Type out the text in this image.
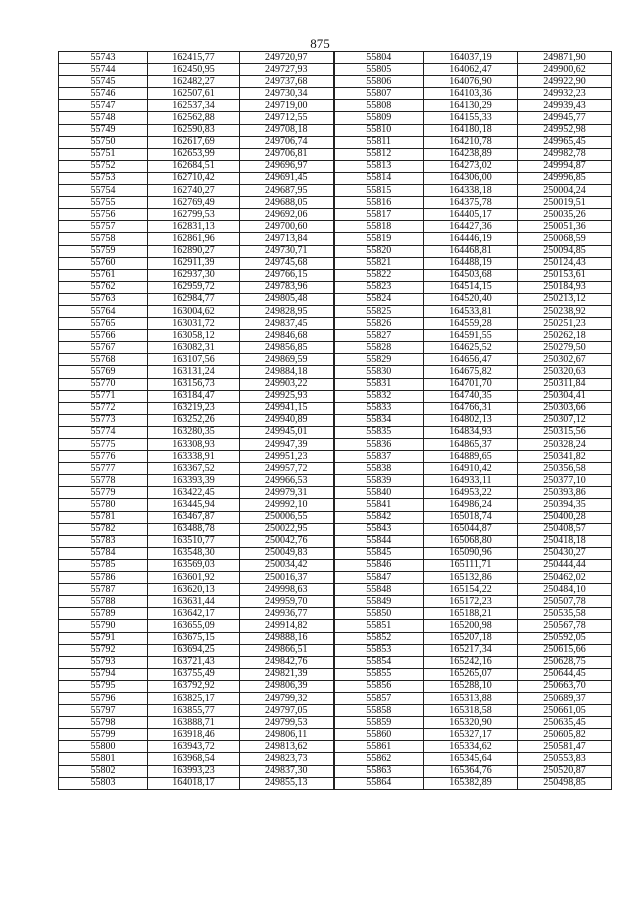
875
55743	162415,77	249720,97	55804	164037,19	249871,90
55744	162450,95	249727,93	55805	164062,47	249900,62
55745	162482,27	249737,68	55806	164076,90	249922,90
55746	162507,61	249730,34	55807	164103,36	249932,23
55747	162537,34	249719,00	55808	164130,29	249939,43
55748	162562,88	249712,55	55809	164155,33	249945,77
55749	162590,83	249708,18	55810	164180,18	249952,98
55750	162617,69	249706,74	55811	164210,78	249965,45
55751	162653,99	249706,81	55812	164238,89	249982,78
55752	162684,51	249696,97	55813	164273,02	249994,87
55753	162710,42	249691,45	55814	164306,00	249996,85
55754	162740,27	249687,95	55815	164338,18	250004,24
55755	162769,49	249688,05	55816	164375,78	250019,51
55756	162799,53	249692,06	55817	164405,17	250035,26
55757	162831,13	249700,60	55818	164427,36	250051,36
55758	162861,96	249713,84	55819	164446,19	250068,59
55759	162890,27	249730,71	55820	164468,81	250094,85
55760	162911,39	249745,68	55821	164488,19	250124,43
55761	162937,30	249766,15	55822	164503,68	250153,61
55762	162959,72	249783,96	55823	164514,15	250184,93
55763	162984,77	249805,48	55824	164520,40	250213,12
55764	163004,62	249828,95	55825	164533,81	250238,92
55765	163031,72	249837,45	55826	164559,28	250251,23
55766	163058,12	249846,68	55827	164591,55	250262,18
55767	163082,31	249856,85	55828	164625,52	250279,50
55768	163107,56	249869,59	55829	164656,47	250302,67
55769	163131,24	249884,18	55830	164675,82	250320,63
55770	163156,73	249903,22	55831	164701,70	250311,84
55771	163184,47	249925,93	55832	164740,35	250304,41
55772	163219,23	249941,15	55833	164766,31	250303,66
55773	163252,26	249940,89	55834	164802,13	250307,12
55774	163280,35	249945,01	55835	164834,93	250315,56
55775	163308,93	249947,39	55836	164865,37	250328,24
55776	163338,91	249951,23	55837	164889,65	250341,82
55777	163367,52	249957,72	55838	164910,42	250356,58
55778	163393,39	249966,53	55839	164933,11	250377,10
55779	163422,45	249979,31	55840	164953,22	250393,86
55780	163445,94	249992,10	55841	164986,24	250394,35
55781	163467,87	250006,55	55842	165018,74	250400,28
55782	163488,78	250022,95	55843	165044,87	250408,57
55783	163510,77	250042,76	55844	165068,80	250418,18
55784	163548,30	250049,83	55845	165090,96	250430,27
55785	163569,03	250034,42	55846	165111,71	250444,44
55786	163601,92	250016,37	55847	165132,86	250462,02
55787	163620,13	249998,63	55848	165154,22	250484,10
55788	163631,44	249959,70	55849	165172,23	250507,78
55789	163642,17	249936,77	55850	165188,21	250535,58
55790	163655,09	249914,82	55851	165200,98	250567,78
55791	163675,15	249888,16	55852	165207,18	250592,05
55792	163694,25	249866,51	55853	165217,34	250615,66
55793	163721,43	249842,76	55854	165242,16	250628,75
55794	163755,49	249821,39	55855	165265,07	250644,45
55795	163792,92	249806,39	55856	165288,10	250663,70
55796	163825,17	249799,32	55857	165313,88	250689,37
55797	163855,77	249797,05	55858	165318,58	250661,05
55798	163888,71	249799,53	55859	165320,90	250635,45
55799	163918,46	249806,11	55860	165327,17	250605,82
55800	163943,72	249813,62	55861	165334,62	250581,47
55801	163968,54	249823,73	55862	165345,64	250553,83
55802	163993,23	249837,30	55863	165364,76	250520,87
55803	164018,17	249855,13	55864	165382,89	250498,85
